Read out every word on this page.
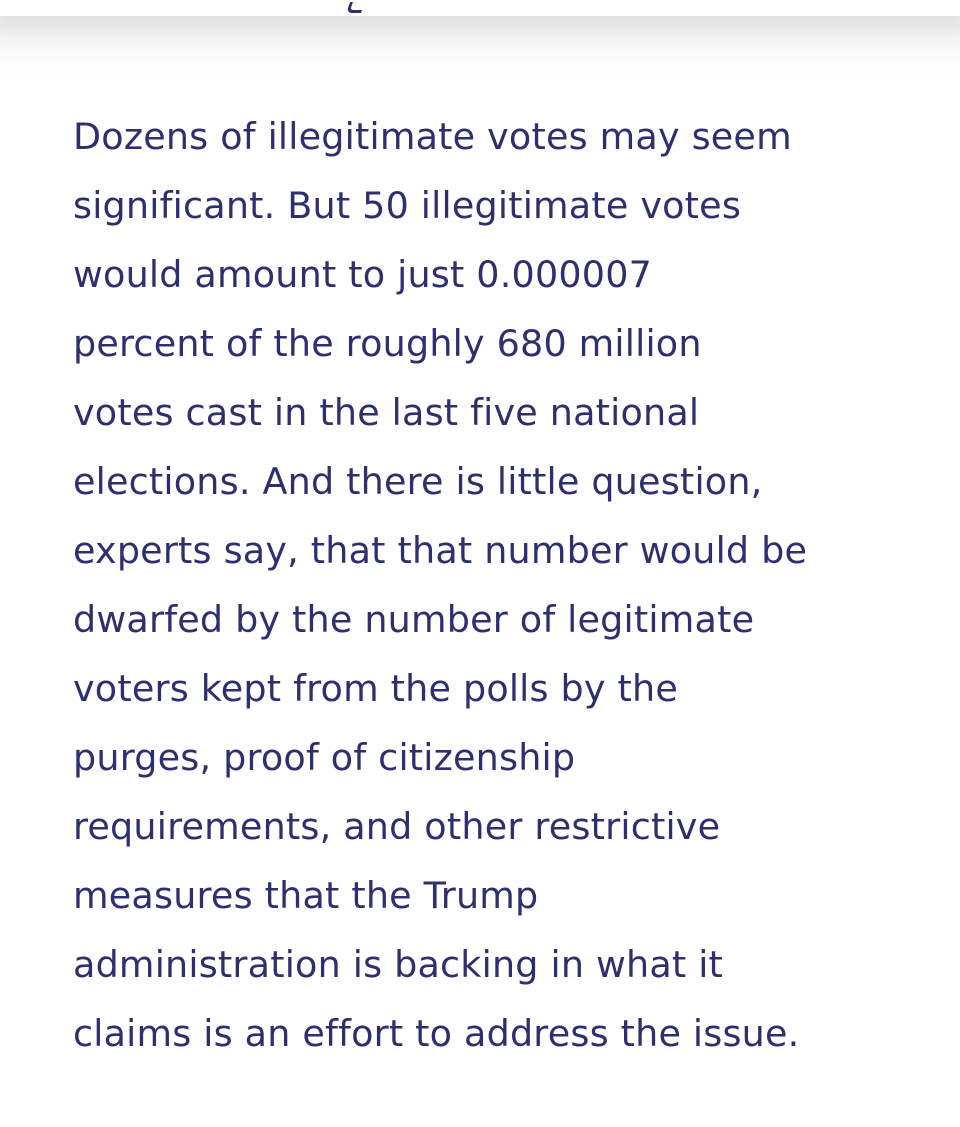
Dozens of illegitimate votes may seem
significant. But 50 illegitimate votes
would amount to just 0.000007
percent of the roughly 680 million
votes cast in the last five national
elections. And there is little question,
experts say, that that number would be
dwarfed by the number of legitimate
voters kept from the polls by the
purges, proof of citizenship
requirements, and other restrictive
measures that the Trump
administration is backing in what it
claims is an effort to address the issue.
